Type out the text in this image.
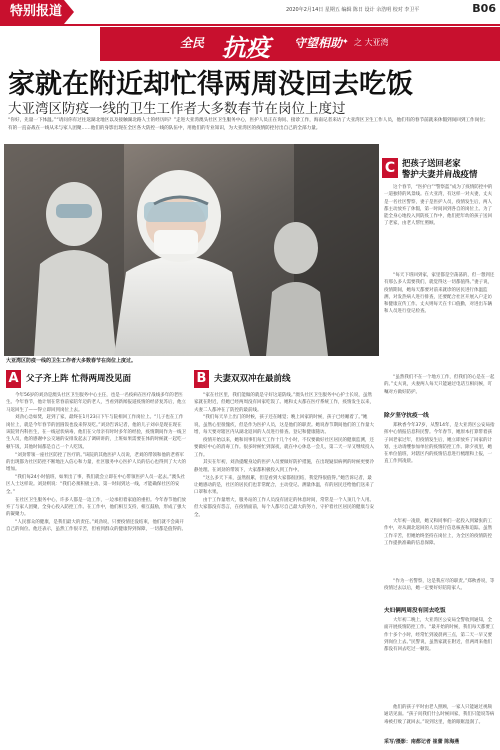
特别报道	2020年2月14日 星期五 编辑 陈日 设计 余浩明 校对 李卫平	B06
全民 抗疫 守望相助 ✦ 之 大亚湾
家就在附近却忙得两周没回去吃饭
大亚湾区防疫一线的卫生工作者大多数春节在岗位上度过
“你好，先量一下体温。”“请问你有过往返湖北地区以及接触湖北路人士的经历吗？”走进大亚湾澳头社区卫生服务中心，医护人员正在询问、接诊工作，海南记者来访了大亚湾区卫生工作人员，他们有的春节前就来休假到岗回到工作岗位；有的一直奋战在一线从未与家人团聚……他们的身影出现在全区各大防控一线的队伍中，用他们的专业知识，为大亚湾区的疫情防控付出自己的全部力量。
大亚湾区防疫一线的卫生工作者大多数春节在岗位上度过。
A 父子齐上阵 忙得两周没见面

今年56岁的刘劲是澳头社区卫生服务中心主任，也是一名疫病在医疗战线多年的老医生。今年春节，他计划在常春前家陪年迈的老人，当看到新闻报道疫情的经济复苏后，他立马返回生了——得立即回到岗位上去。

刘劲心急如焚，赶到了家，最终在1月23日下午与院相回工作岗位上。“儿子也在工作岗位上，就是今年春节的团圆饭也没来得及吃。”刘劲告诉记者，他的儿子刘卓是现在现在该院肾内科医生，在一线冠状病毒，他们在父母亲有时时多年的经验，疫情期间作为一线卫生人员，他的感谢中公交通的安排发起去了调研讲的，上班如果需要在体的时候就一起吃一顿午饭，其他时间都是自己一个人吃饭。

“刘劲带领一座社区防控了医疗的。”该院的其他医护人员说，老刘的带领和他的老将军的出现都为社区防控不断地注入信心和力量，社区服务中心医护人员的信心也得到了大大的增加。

“我们每24小时值班，如果出了事，我们就会立即在中心带领医护人员一起去。”澳头社区人士这样说。刘劲则说：“我们必须积极主动、第一时间到达一线，才能确保社区的安全。”

在社区卫生服务中心，许多人都是一边工作，一边承担着家庭的重担。今年春节他们放弃了与家人团聚，全身心投入防控工作。在工作中，他们相互支持，相互鼓励，形成了强大的凝聚力。

“人民群众的健康，是我们最大的责任。”刘劲说，只要疫情还没结束，他们就不会离开自己的岗位。他还表示，虽然工作很辛苦，但看到群众的健康得到保障，一切都是值得的。

B 夫妻双双冲在最前线

“家在社区里，我们能做的就是守好这道防线。”澳头社区卫生服务中心护士长说，虽然家就在附近，但她已经两周没有回家吃饭了。她和丈夫都在医疗系统工作，疫情发生以来，夫妻二人都冲在了防控的最前线。

“我们每天早上出门的时候，孩子还在睡觉；晚上回家的时候，孩子已经睡着了。”她说，虽然心里很愧疚，但是作为医护人员，这是他们的职责。她说春节期间他们的工作量大增，每天要对辖区内从湖北返回的人员进行排查、登记和健康随访。

疫情开始以来，她和同事们每天工作十几个小时，不仅要做好社区居民的健康监测，还要做好中心的消毒工作。很多时候忙到深夜，就在中心休息一会儿，第二天一早又继续投入工作。

其实在年初，刘劲提醒身边的医护人员要做好防护措施，在出现疑似病例的时候更要冷静处理。在刘劲的带领下，大家都积极投入到工作中。

“这么多天下来，虽然很累，但是看到大家都很团结，我觉得很值得。”她告诉记者，最让她感动的是，社区的居民们也非常配合，主动登记、测量体温，有的居民还给他们送来了口罩和水果。

由于工作量增大，服务站的工作人员没有固定的休息时间，常常是一个人顶几个人用。但大家都没有怨言，在疫情面前，每个人都尽自己最大的努力，守护着社区居民的健康与安全。

C 把孩子送回老家
警护夫妻并肩战疫情

这个春节，“医护白”“警察蓝”成为了疫情防控中的一道独特的风景线。在大亚湾，有这样一对夫妻，丈夫是一名社区警察，妻子是医护人员，疫情发生后，两人都主动放弃了休假，第一时间回到各自的岗位上。为了能全身心地投入到防疫工作中，他们把年幼的孩子送回了老家，由老人帮忙照顾。

“每天下班回到家，家里都是空荡荡的，但一想到还有那么多人需要我们，就觉得这一切都值得。”妻子说，疫情期间，她每天都要对前来就诊的居民进行体温监测，对发热病人进行排查，还要配合社区开展入户走访和健康宣传工作。丈夫则每天在卡口值勤，对进出车辆和人员进行登记检查。

“虽然我们不在一个地方工作，但我们的心是在一起的。”丈夫说，夫妻两人每天只能通过电话互相问候，叮嘱对方做好防护。

除夕坚守抗疫一线

郑秋香今年37岁，从警14年，是大亚湾区公安局指挥中心情报信息科民警。今年春节，她原本打算带着孩子回老家过年，但疫情发生后，她立即放弃了回家的计划，主动请缨参加单位的疫情防控工作。除夕夜里，她在单位值班，对辖区内的疫情信息进行梳理和上报，一直工作到凌晨。

大年初一凌晨，她又和同事们一起投入到紧张的工作中，对从湖北返回的人员进行信息核查和追踪。虽然工作辛苦，但她始终坚持在岗位上，为全区的疫情防控工作提供准确的信息保障。

“作为一名警察，这是我应尽的职责。”郑秋香说，等疫情过去以后，她一定要好好陪陪家人。

夫妇俩两周没有回去吃饭

大年初二晚上，大亚湾区公安局全警收到通知，全面开展疫情防控工作。“最开始的时候，我们每天都要工作十多个小时，经常忙到凌晨两三点，第二天一早又要到岗位上去。”民警说，虽然家就在附近，但两周来他们都没有回去吃过一顿饭。

他们的孩子平时由老人照顾，一家人只能通过视频通话见面。“孩子问我们什么时候回家，我们只能说等病毒被打败了就回去。”说到这里，他的眼眶湿润了。

采写/摄影：南都记者 崔蕾 陈海燕
